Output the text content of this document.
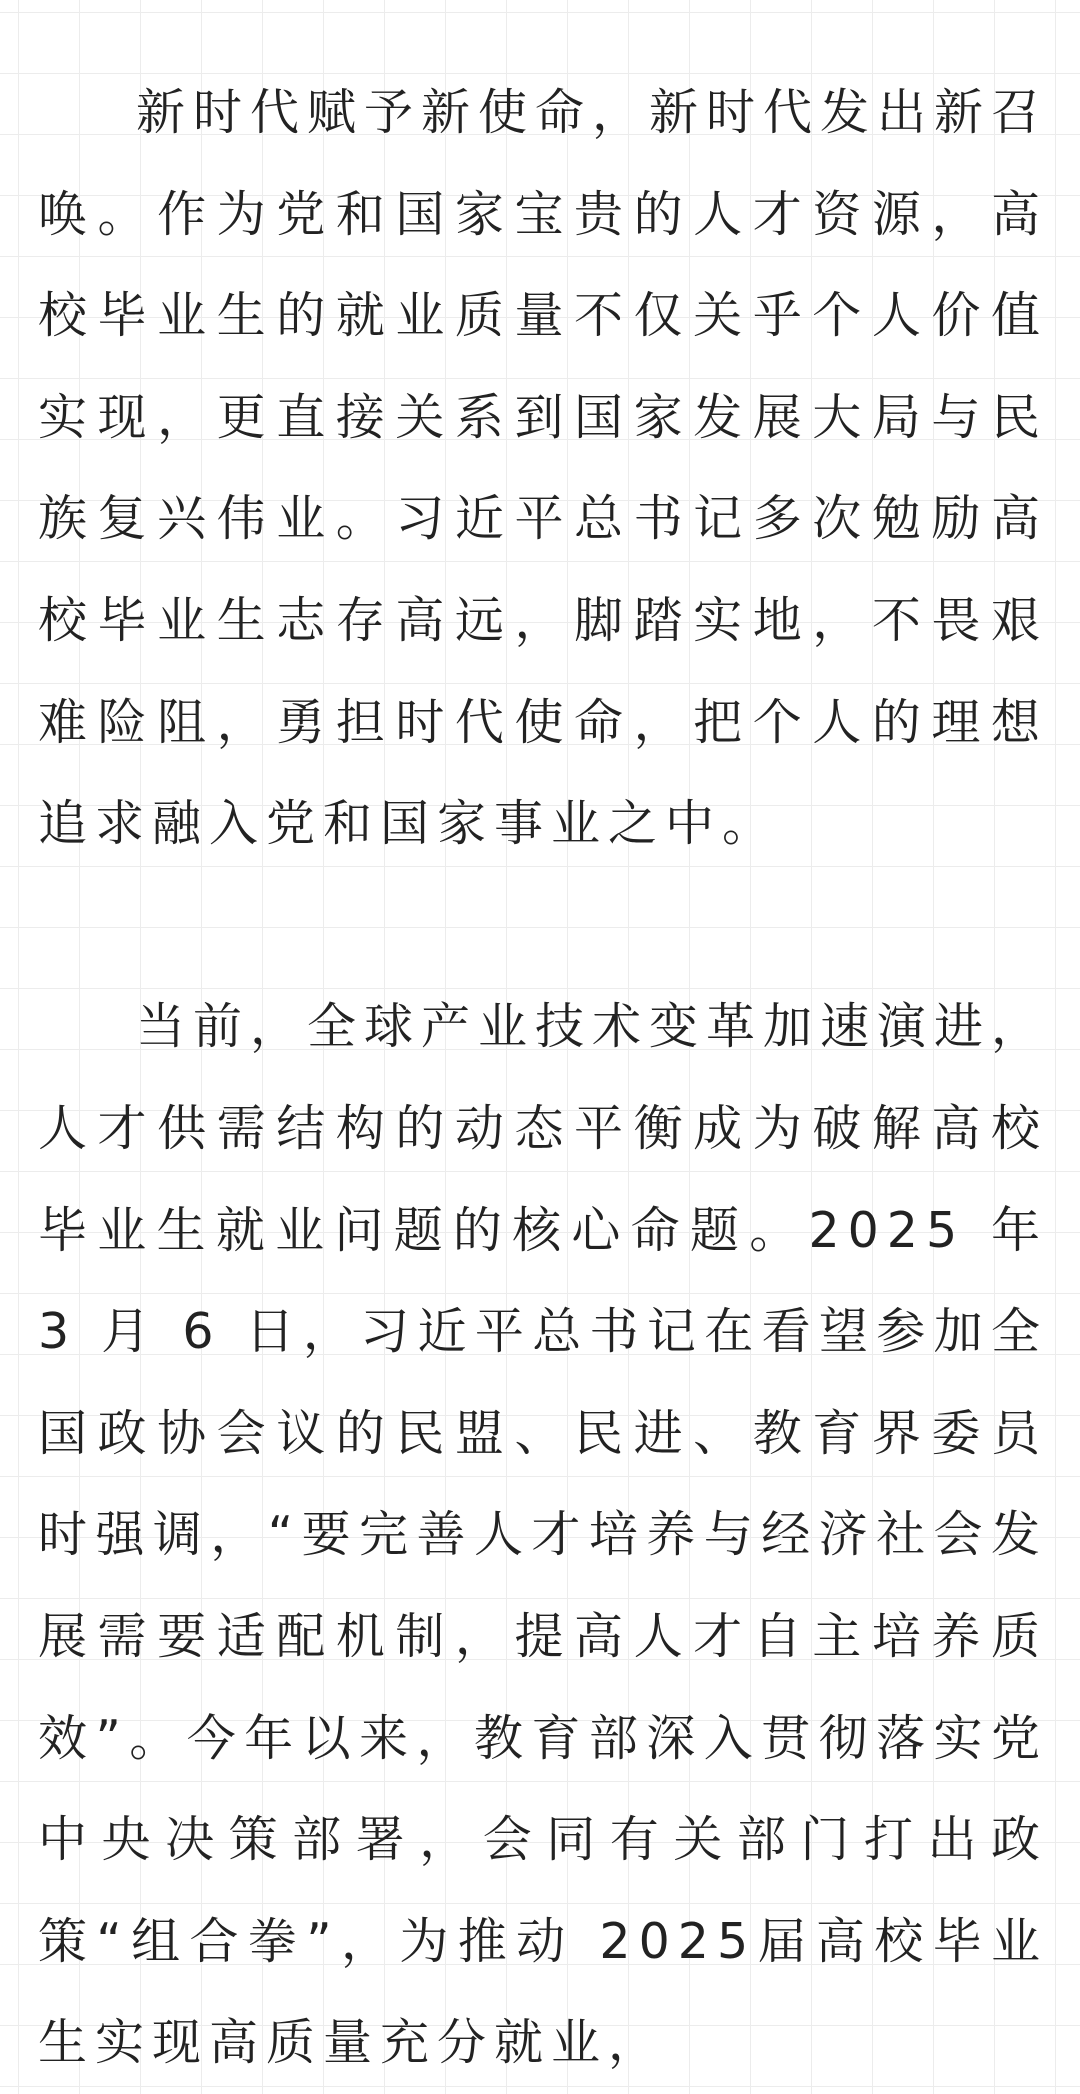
新时代赋予新使命，新时代发出新召唤。作为党和国家宝贵的人才资源，高校毕业生的就业质量不仅关乎个人价值实现，更直接关系到国家发展大局与民族复兴伟业。习近平总书记多次勉励高校毕业生志存高远，脚踏实地，不畏艰难险阻，勇担时代使命，把个人的理想追求融入党和国家事业之中。

当前，全球产业技术变革加速演进，人才供需结构的动态平衡成为破解高校毕业生就业问题的核心命题。2025 年 3 月 6 日，习近平总书记在看望参加全国政协会议的民盟、民进、教育界委员时强调，“要完善人才培养与经济社会发展需要适配机制，提高人才自主培养质效”。今年以来，教育部深入贯彻落实党中央决策部署，会同有关部门打出政策“组合拳”，为推动 2025届高校毕业生实现高质量充分就业，
